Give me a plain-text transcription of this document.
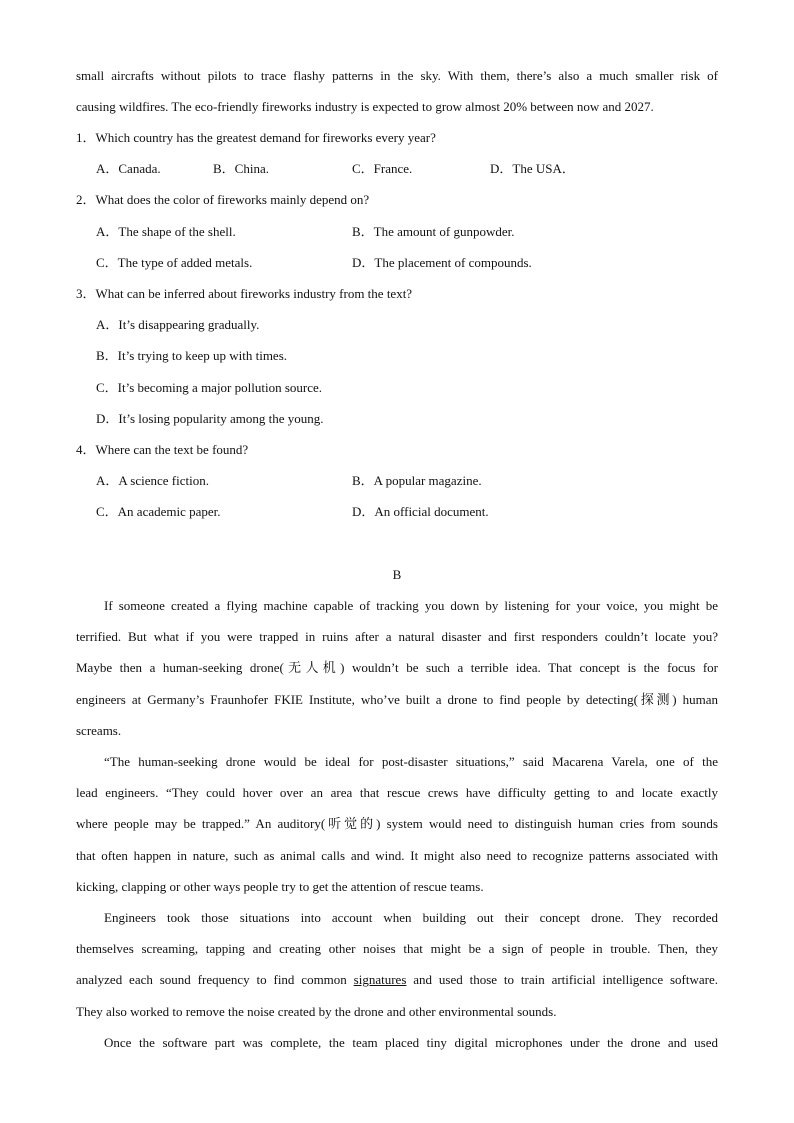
small aircrafts without pilots to trace flashy patterns in the sky. With them, there’s also a much smaller risk of
causing wildfires. The eco-friendly fireworks industry is expected to grow almost 20% between now and 2027.
1．Which country has the greatest demand for fireworks every year?
A．Canada.	B．China.	C．France.	D．The USA．
2．What does the color of fireworks mainly depend on?
A．The shape of the shell.	B．The amount of gunpowder.
C．The type of added metals.	D．The placement of compounds.
3．What can be inferred about fireworks industry from the text?
A．It’s disappearing gradually.
B．It’s trying to keep up with times.
C．It’s becoming a major pollution source.
D．It’s losing popularity among the young.
4．Where can the text be found?
A．A science fiction.	B．A popular magazine.
C．An academic paper.	D．An official document.
B
If someone created a flying machine capable of tracking you down by listening for your voice, you might be
terrified. But what if you were trapped in ruins after a natural disaster and first responders couldn’t locate you?
Maybe then a human-seeking drone(无人机) wouldn’t be such a terrible idea. That concept is the focus for
engineers at Germany’s Fraunhofer FKIE Institute, who’ve built a drone to find people by detecting(探测) human
screams.
“The human-seeking drone would be ideal for post-disaster situations,” said Macarena Varela, one of the
lead engineers. “They could hover over an area that rescue crews have difficulty getting to and locate exactly
where people may be trapped.” An auditory(听觉的) system would need to distinguish human cries from sounds
that often happen in nature, such as animal calls and wind. It might also need to recognize patterns associated with
kicking, clapping or other ways people try to get the attention of rescue teams.
Engineers took those situations into account when building out their concept drone. They recorded
themselves screaming, tapping and creating other noises that might be a sign of people in trouble. Then, they
analyzed each sound frequency to find common signatures and used those to train artificial intelligence software.
They also worked to remove the noise created by the drone and other environmental sounds.
Once the software part was complete, the team placed tiny digital microphones under the drone and used
